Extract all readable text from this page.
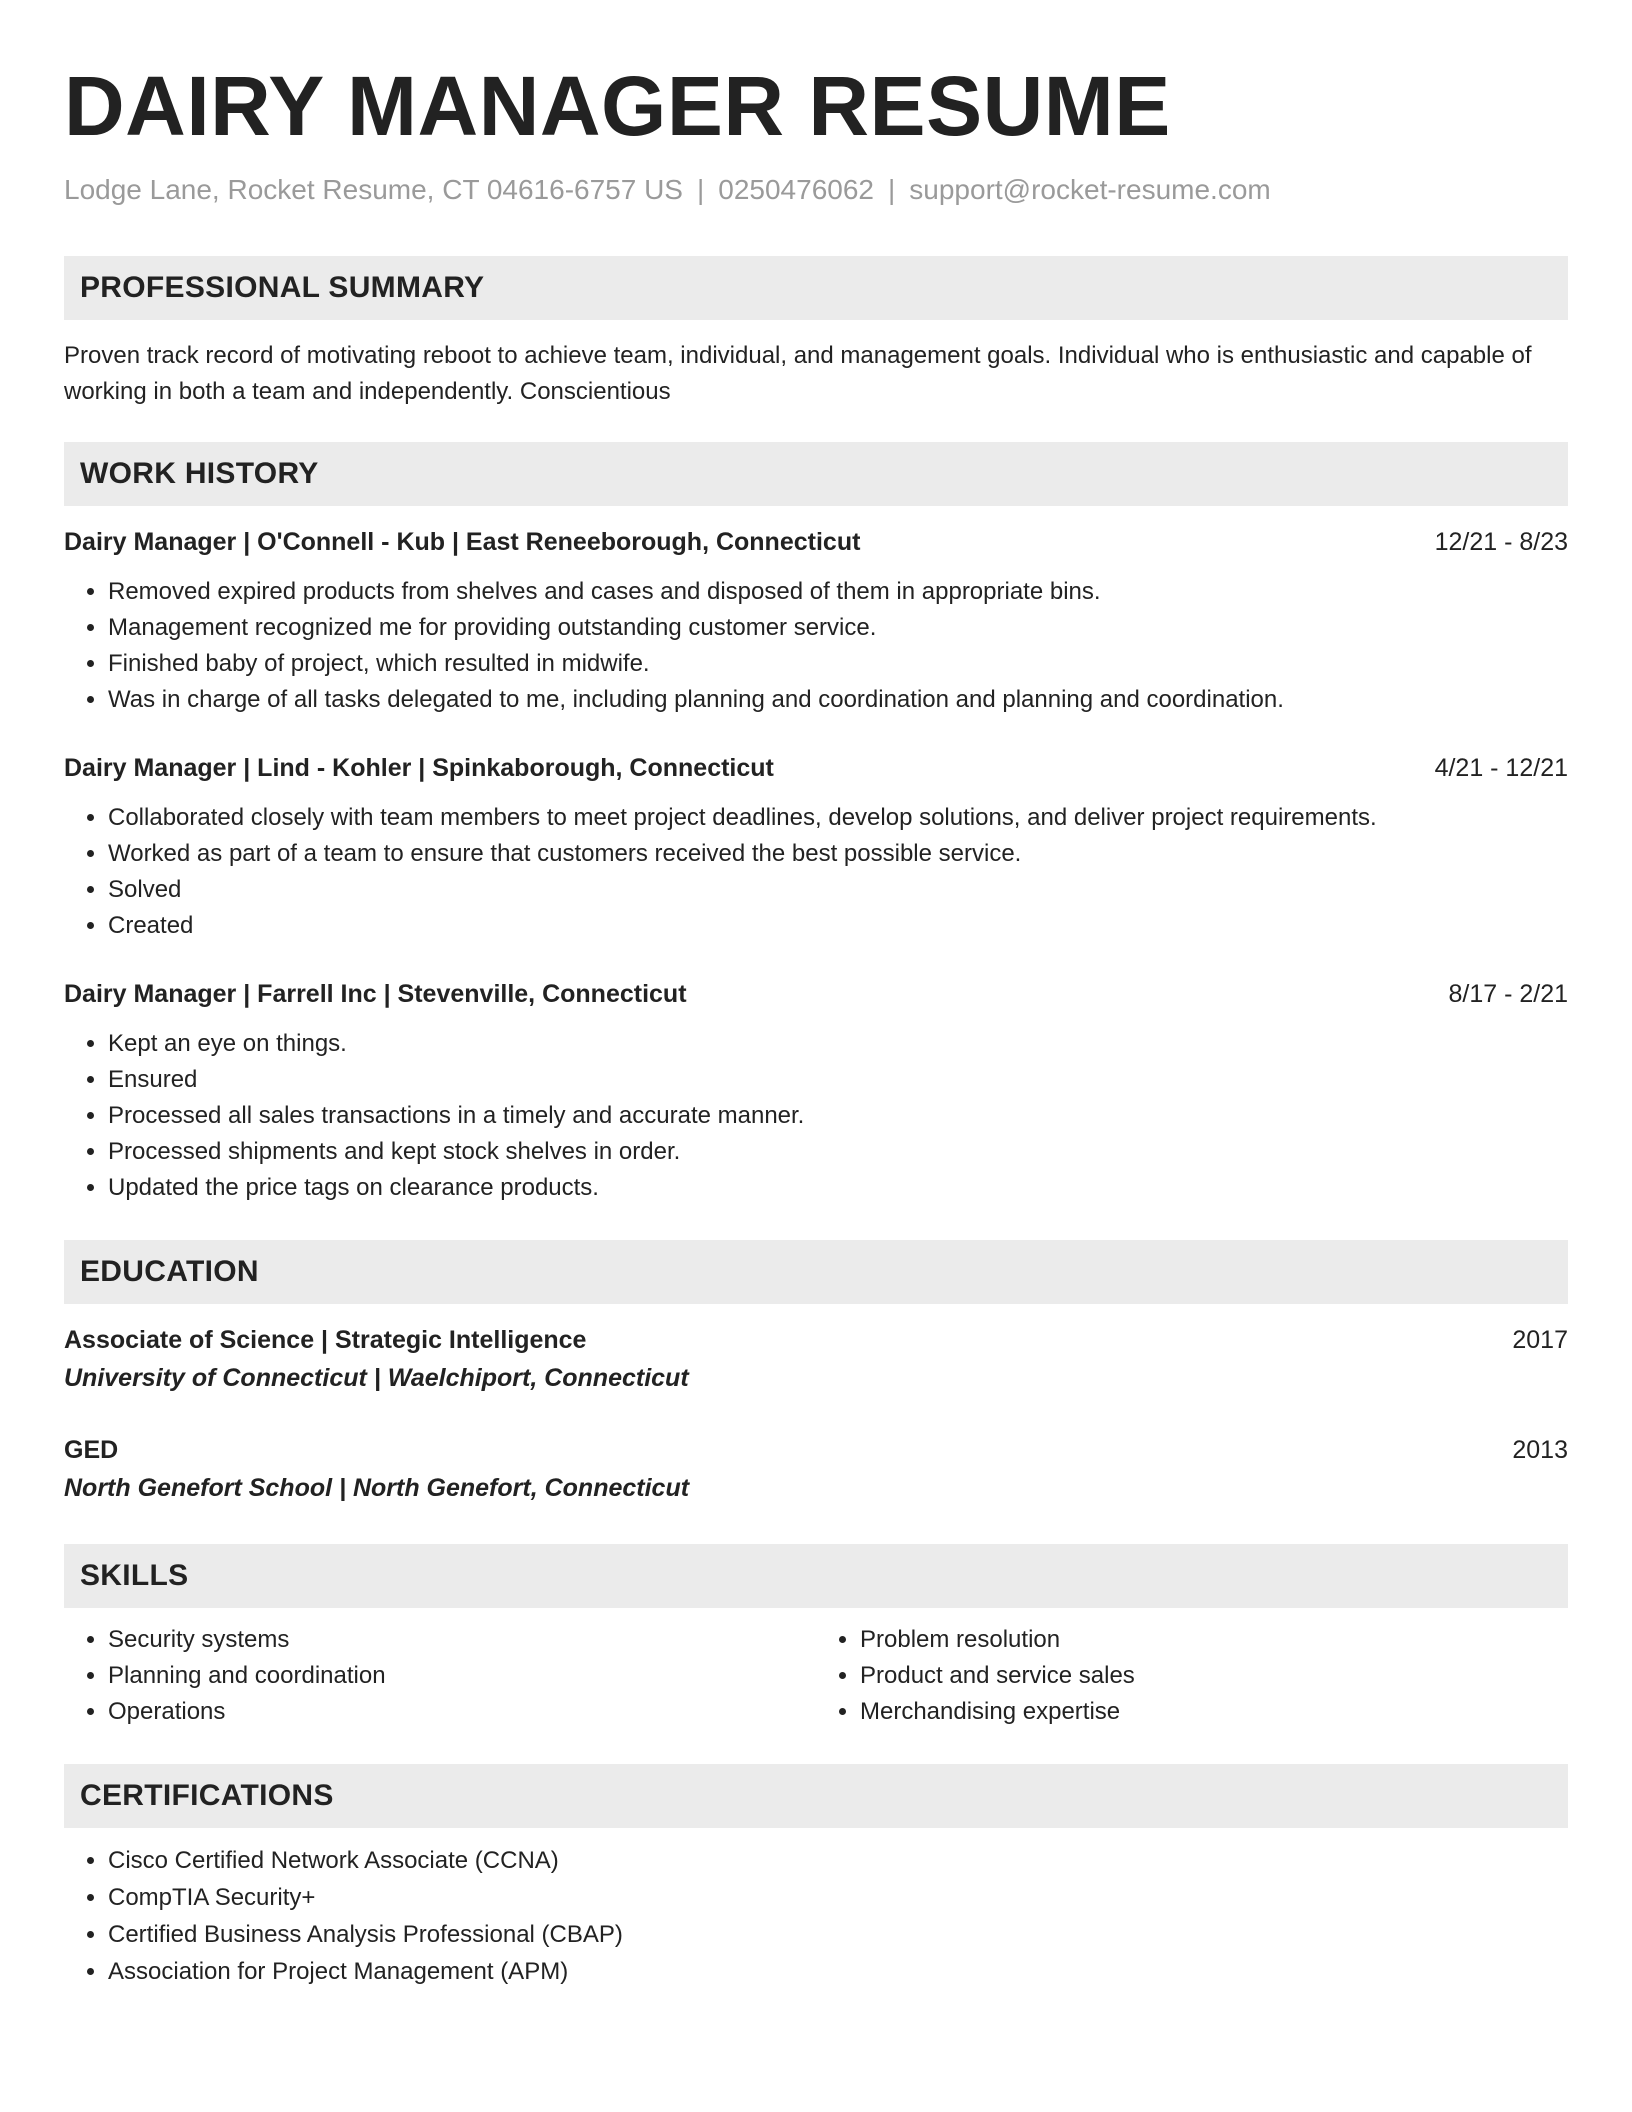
DAIRY MANAGER RESUME
Lodge Lane, Rocket Resume, CT 04616-6757 US | 0250476062 | support@rocket-resume.com
PROFESSIONAL SUMMARY
Proven track record of motivating reboot to achieve team, individual, and management goals. Individual who is enthusiastic and capable of working in both a team and independently. Conscientious
WORK HISTORY
Dairy Manager | O'Connell - Kub | East Reneeborough, Connecticut	12/21 - 8/23
• Removed expired products from shelves and cases and disposed of them in appropriate bins.
• Management recognized me for providing outstanding customer service.
• Finished baby of project, which resulted in midwife.
• Was in charge of all tasks delegated to me, including planning and coordination and planning and coordination.
Dairy Manager | Lind - Kohler | Spinkaborough, Connecticut	4/21 - 12/21
• Collaborated closely with team members to meet project deadlines, develop solutions, and deliver project requirements.
• Worked as part of a team to ensure that customers received the best possible service.
• Solved
• Created
Dairy Manager | Farrell Inc | Stevenville, Connecticut	8/17 - 2/21
• Kept an eye on things.
• Ensured
• Processed all sales transactions in a timely and accurate manner.
• Processed shipments and kept stock shelves in order.
• Updated the price tags on clearance products.
EDUCATION
Associate of Science | Strategic Intelligence	2017
University of Connecticut | Waelchiport, Connecticut
GED	2013
North Genefort School | North Genefort, Connecticut
SKILLS
• Security systems
• Planning and coordination
• Operations
• Problem resolution
• Product and service sales
• Merchandising expertise
CERTIFICATIONS
• Cisco Certified Network Associate (CCNA)
• CompTIA Security+
• Certified Business Analysis Professional (CBAP)
• Association for Project Management (APM)
